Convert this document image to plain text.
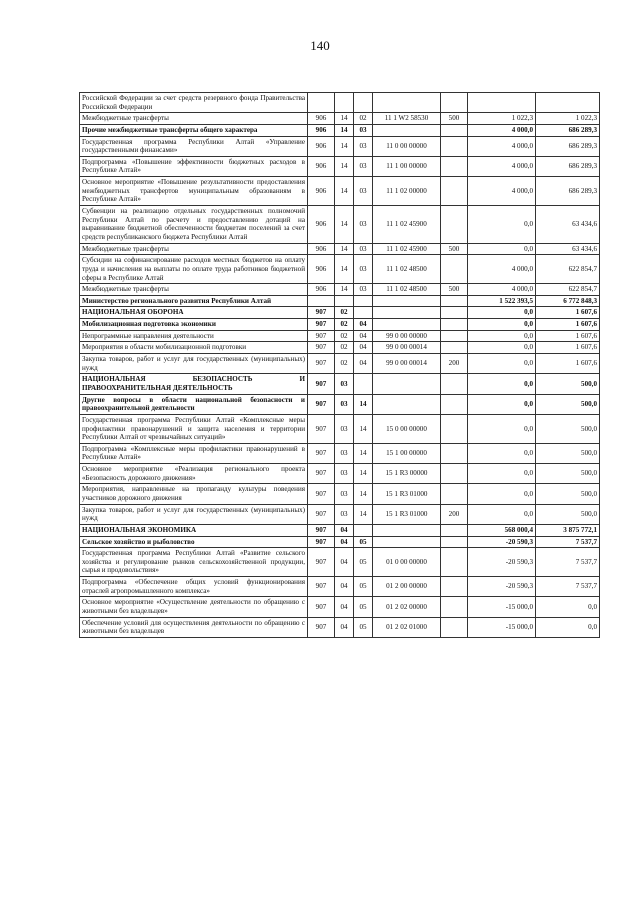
140
Российской Федерации за счет средств резервного фонда Правительства Российской Федерации							
Межбюджетные трансферты	906	14	02	11 1 W2 58530	500	1 022,3	1 022,3
Прочие межбюджетные трансферты общего характера	906	14	03			4 000,0	686 289,3
Государственная программа Республики Алтай «Управление государственными финансами»	906	14	03	11 0 00 00000		4 000,0	686 289,3
Подпрограмма «Повышение эффективности бюджетных расходов в Республике Алтай»	906	14	03	11 1 00 00000		4 000,0	686 289,3
Основное мероприятие «Повышение результативности предоставления межбюджетных трансфертов муниципальным образованиям в Республике Алтай»	906	14	03	11 1 02 00000		4 000,0	686 289,3
Субвенции на реализацию отдельных государственных полномочий Республики Алтай по расчету и предоставлению дотаций на выравнивание бюджетной обеспеченности бюджетам поселений за счет средств республиканского бюджета Республики Алтай	906	14	03	11 1 02 45900		0,0	63 434,6
Межбюджетные трансферты	906	14	03	11 1 02 45900	500	0,0	63 434,6
Субсидии на софинансирование расходов местных бюджетов на оплату труда и начисления на выплаты по оплате труда работников бюджетной сферы в Республике Алтай	906	14	03	11 1 02 48500		4 000,0	622 854,7
Межбюджетные трансферты	906	14	03	11 1 02 48500	500	4 000,0	622 854,7
Министерство регионального развития Республики Алтай						1 522 393,5	6 772 848,3
НАЦИОНАЛЬНАЯ ОБОРОНА	907	02				0,0	1 607,6
Мобилизационная подготовка экономики	907	02	04			0,0	1 607,6
Непрограммные направления деятельности	907	02	04	99 0 00 00000		0,0	1 607,6
Мероприятия в области мобилизационной подготовки	907	02	04	99 0 00 00014		0,0	1 607,6
Закупка товаров, работ и услуг для государственных (муниципальных) нужд	907	02	04	99 0 00 00014	200	0,0	1 607,6
НАЦИОНАЛЬНАЯ БЕЗОПАСНОСТЬ И ПРАВООХРАНИТЕЛЬНАЯ ДЕЯТЕЛЬНОСТЬ	907	03				0,0	500,0
Другие вопросы в области национальной безопасности и правоохранительной деятельности	907	03	14			0,0	500,0
Государственная программа Республики Алтай «Комплексные меры профилактики правонарушений и защита населения и территории Республики Алтай от чрезвычайных ситуаций»	907	03	14	15 0 00 00000		0,0	500,0
Подпрограмма «Комплексные меры профилактики правонарушений в Республике Алтай»	907	03	14	15 1 00 00000		0,0	500,0
Основное мероприятие «Реализация регионального проекта «Безопасность дорожного движения»	907	03	14	15 1 R3 00000		0,0	500,0
Мероприятия, направленные на пропаганду культуры поведения участников дорожного движения	907	03	14	15 1 R3 01000		0,0	500,0
Закупка товаров, работ и услуг для государственных (муниципальных) нужд	907	03	14	15 1 R3 01000	200	0,0	500,0
НАЦИОНАЛЬНАЯ ЭКОНОМИКА	907	04				568 000,4	3 875 772,1
Сельское хозяйство и рыболовство	907	04	05			-20 590,3	7 537,7
Государственная программа Республики Алтай «Развитие сельского хозяйства и регулирование рынков сельскохозяйственной продукции, сырья и продовольствия»	907	04	05	01 0 00 00000		-20 590,3	7 537,7
Подпрограмма «Обеспечение общих условий функционирования отраслей агропромышленного комплекса»	907	04	05	01 2 00 00000		-20 590,3	7 537,7
Основное мероприятие «Осуществление деятельности по обращению с животными без владельцев»	907	04	05	01 2 02 00000		-15 000,0	0,0
Обеспечение условий для осуществления деятельности по обращению с животными без владельцев	907	04	05	01 2 02 01000		-15 000,0	0,0
